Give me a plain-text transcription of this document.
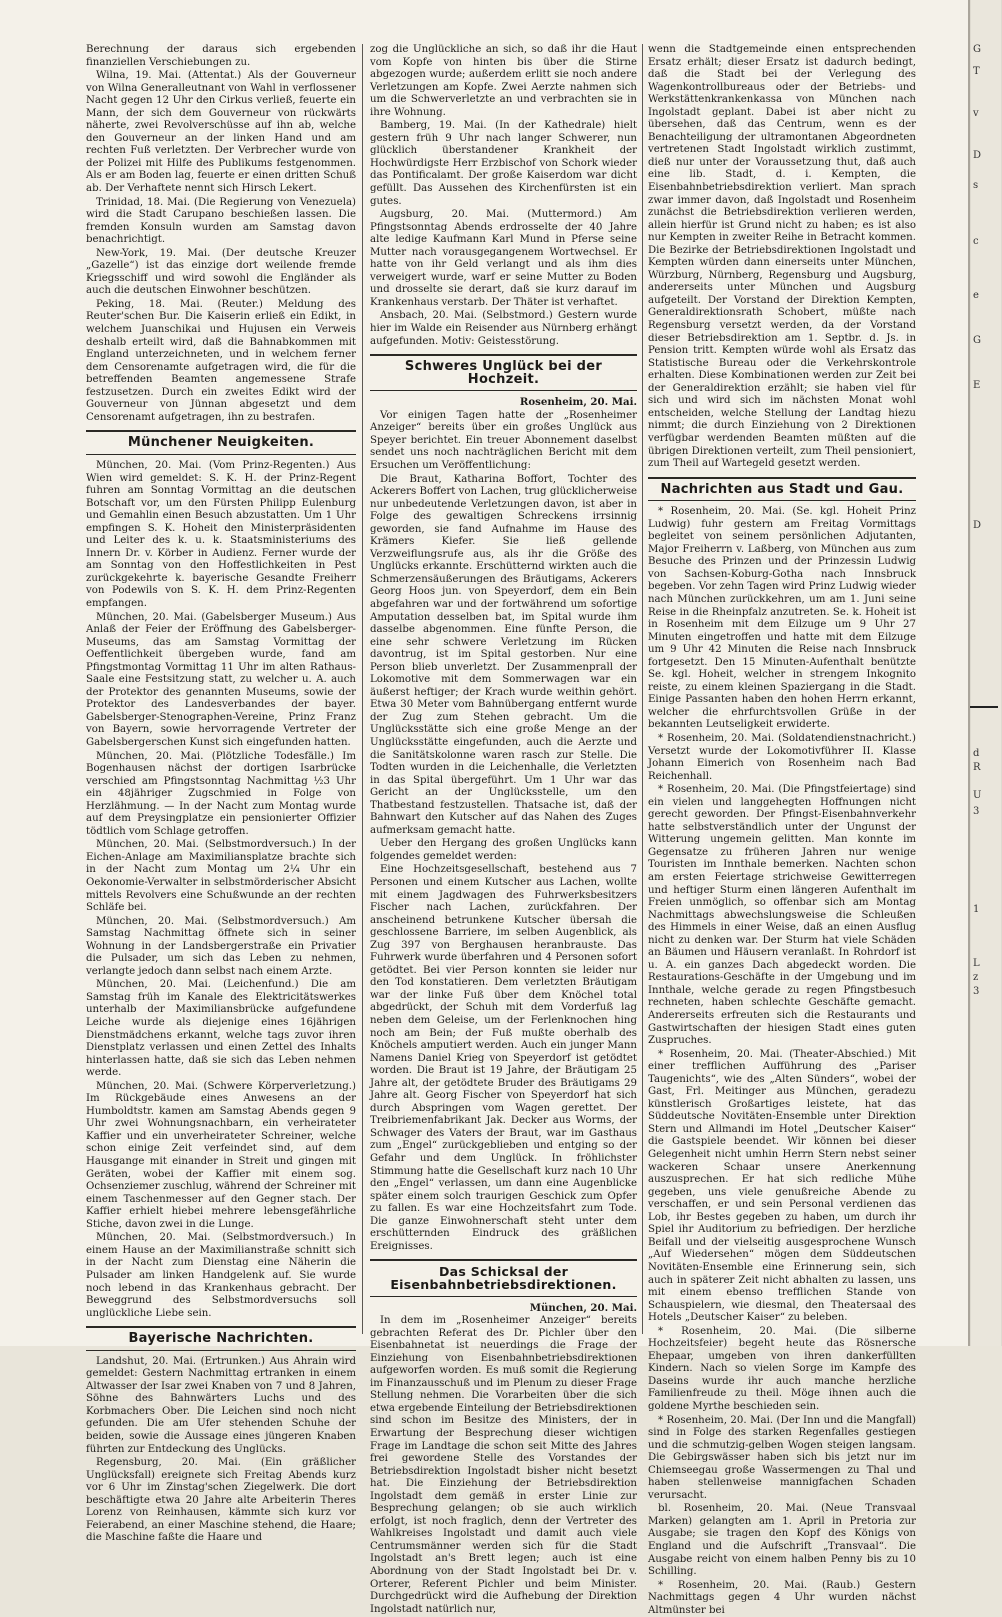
Berechnung der daraus sich ergebenden finanziellen Verschiebungen zu.

Wilna, 19. Mai. (Attentat.) Als der Gouverneur von Wilna Generalleutnant von Wahl in verflossener Nacht gegen 12 Uhr den Cirkus verließ, feuerte ein Mann, der sich dem Gouverneur von rückwärts näherte, zwei Revolverschüsse auf ihn ab, welche den Gouverneur an der linken Hand und am rechten Fuß verletzten. Der Verbrecher wurde von der Polizei mit Hilfe des Publikums festgenommen. Als er am Boden lag, feuerte er einen dritten Schuß ab. Der Verhaftete nennt sich Hirsch Lekert.

Trinidad, 18. Mai. (Die Regierung von Venezuela) wird die Stadt Carupano beschießen lassen. Die fremden Konsuln wurden am Samstag davon benachrichtigt.

New-York, 19. Mai. (Der deutsche Kreuzer „Gazelle“) ist das einzige dort weilende fremde Kriegsschiff und wird sowohl die Engländer als auch die deutschen Einwohner beschützen.

Peking, 18. Mai. (Reuter.) Meldung des Reuter'schen Bur. Die Kaiserin erließ ein Edikt, in welchem Juanschikai und Hujusen ein Verweis deshalb erteilt wird, daß die Bahnabkommen mit England unterzeichneten, und in welchem ferner dem Censorenamte aufgetragen wird, die für die betreffenden Beamten angemessene Strafe festzusetzen. Durch ein zweites Edikt wird der Gouverneur von Jünnan abgesetzt und dem Censorenamt aufgetragen, ihn zu bestrafen.

Münchener Neuigkeiten.

München, 20. Mai. (Vom Prinz-Regenten.) Aus Wien wird gemeldet: S. K. H. der Prinz-Regent fuhren am Sonntag Vormittag an die deutschen Botschaft vor, um den Fürsten Philipp Eulenburg und Gemahlin einen Besuch abzustatten. Um 1 Uhr empfingen S. K. Hoheit den Ministerpräsidenten und Leiter des k. u. k. Staatsministeriums des Innern Dr. v. Körber in Audienz. Ferner wurde der am Sonntag von den Hoffestlichkeiten in Pest zurückgekehrte k. bayerische Gesandte Freiherr von Podewils von S. K. H. dem Prinz-Regenten empfangen.

München, 20. Mai. (Gabelsberger Museum.) Aus Anlaß der Feier der Eröffnung des Gabelsberger-Museums, das am Samstag Vormittag der Oeffentlichkeit übergeben wurde, fand am Pfingstmontag Vormittag 11 Uhr im alten Rathaus-Saale eine Festsitzung statt, zu welcher u. A. auch der Protektor des genannten Museums, sowie der Protektor des Landesverbandes der bayer. Gabelsberger-Stenographen-Vereine, Prinz Franz von Bayern, sowie hervorragende Vertreter der Gabelsbergerschen Kunst sich eingefunden hatten.

München, 20. Mai. (Plötzliche Todesfälle.) Im Bogenhausen nächst der dortigen Isarbrücke verschied am Pfingstsonntag Nachmittag ½3 Uhr ein 48jähriger Zugschmied in Folge von Herzlähmung. — In der Nacht zum Montag wurde auf dem Preysingplatze ein pensionierter Offizier tödtlich vom Schlage getroffen.

München, 20. Mai. (Selbstmordversuch.) In der Eichen-Anlage am Maximiliansplatze brachte sich in der Nacht zum Montag um 2¼ Uhr ein Oekonomie-Verwalter in selbstmörderischer Absicht mittels Revolvers eine Schußwunde an der rechten Schläfe bei.

München, 20. Mai. (Selbstmordversuch.) Am Samstag Nachmittag öffnete sich in seiner Wohnung in der Landsbergerstraße ein Privatier die Pulsader, um sich das Leben zu nehmen, verlangte jedoch dann selbst nach einem Arzte.

München, 20. Mai. (Leichenfund.) Die am Samstag früh im Kanale des Elektricitätswerkes unterhalb der Maximiliansbrücke aufgefundene Leiche wurde als diejenige eines 16jährigen Dienstmädchens erkannt, welche tags zuvor ihren Dienstplatz verlassen und einen Zettel des Inhalts hinterlassen hatte, daß sie sich das Leben nehmen werde.

München, 20. Mai. (Schwere Körperverletzung.) Im Rückgebäude eines Anwesens an der Humboldtstr. kamen am Samstag Abends gegen 9 Uhr zwei Wohnungsnachbarn, ein verheirateter Kaffier und ein unverheirateter Schreiner, welche schon einige Zeit verfeindet sind, auf dem Hausgange mit einander in Streit und gingen mit Geräten, wobei der Kaffier mit einem sog. Ochsenziemer zuschlug, während der Schreiner mit einem Taschenmesser auf den Gegner stach. Der Kaffier erhielt hiebei mehrere lebensgefährliche Stiche, davon zwei in die Lunge.

München, 20. Mai. (Selbstmordversuch.) In einem Hause an der Maximilianstraße schnitt sich in der Nacht zum Dienstag eine Näherin die Pulsader am linken Handgelenk auf. Sie wurde noch lebend in das Krankenhaus gebracht. Der Beweggrund des Selbstmordversuchs soll unglückliche Liebe sein.

Bayerische Nachrichten.

Landshut, 20. Mai. (Ertrunken.) Aus Ahrain wird gemeldet: Gestern Nachmittag ertranken in einem Altwasser der Isar zwei Knaben von 7 und 8 Jahren, Söhne des Bahnwärters Luchs und des Korbmachers Ober. Die Leichen sind noch nicht gefunden. Die am Ufer stehenden Schuhe der beiden, sowie die Aussage eines jüngeren Knaben führten zur Entdeckung des Unglücks.

Regensburg, 20. Mai. (Ein gräßlicher Unglücksfall) ereignete sich Freitag Abends kurz vor 6 Uhr im Zinstag'schen Ziegelwerk. Die dort beschäftigte etwa 20 Jahre alte Arbeiterin Theres Lorenz von Reinhausen, kämmte sich kurz vor Feierabend, an einer Maschine stehend, die Haare; die Maschine faßte die Haare und

zog die Unglückliche an sich, so daß ihr die Haut vom Kopfe von hinten bis über die Stirne abgezogen wurde; außerdem erlitt sie noch andere Verletzungen am Kopfe. Zwei Aerzte nahmen sich um die Schwerverletzte an und verbrachten sie in ihre Wohnung.

Bamberg, 19. Mai. (In der Kathedrale) hielt gestern früh 9 Uhr nach langer Schwerer, nun glücklich überstandener Krankheit der Hochwürdigste Herr Erzbischof von Schork wieder das Pontificalamt. Der große Kaiserdom war dicht gefüllt. Das Aussehen des Kirchenfürsten ist ein gutes.

Augsburg, 20. Mai. (Muttermord.) Am Pfingstsonntag Abends erdrosselte der 40 Jahre alte ledige Kaufmann Karl Mund in Pferse seine Mutter nach vorausgegangenem Wortwechsel. Er hatte von ihr Geld verlangt und als ihm dies verweigert wurde, warf er seine Mutter zu Boden und drosselte sie derart, daß sie kurz darauf im Krankenhaus verstarb. Der Thäter ist verhaftet.

Ansbach, 20. Mai. (Selbstmord.) Gestern wurde hier im Walde ein Reisender aus Nürnberg erhängt aufgefunden. Motiv: Geistesstörung.

Schweres Unglück bei der Hochzeit.

Rosenheim, 20. Mai.

Vor einigen Tagen hatte der „Rosenheimer Anzeiger“ bereits über ein großes Unglück aus Speyer berichtet. Ein treuer Abonnement daselbst sendet uns noch nachträglichen Bericht mit dem Ersuchen um Veröffentlichung:

Die Braut, Katharina Boffort, Tochter des Ackerers Boffert von Lachen, trug glücklicherweise nur unbedeutende Verletzungen davon, ist aber in Folge des gewaltigen Schreckens irrsinnig geworden, sie fand Aufnahme im Hause des Krämers Kiefer. Sie ließ gellende Verzweiflungsrufe aus, als ihr die Größe des Unglücks erkannte. Erschütternd wirkten auch die Schmerzensäußerungen des Bräutigams, Ackerers Georg Hoos jun. von Speyerdorf, dem ein Bein abgefahren war und der fortwährend um sofortige Amputation desselben bat, im Spital wurde ihm dasselbe abgenommen. Eine fünfte Person, die eine sehr schwere Verletzung im Rücken davontrug, ist im Spital gestorben. Nur eine Person blieb unverletzt. Der Zusammenprall der Lokomotive mit dem Sommerwagen war ein äußerst heftiger; der Krach wurde weithin gehört. Etwa 30 Meter vom Bahnübergang entfernt wurde der Zug zum Stehen gebracht. Um die Unglücksstätte sich eine große Menge an der Unglücksstätte eingefunden, auch die Aerzte und die Sanitätskolonne waren rasch zur Stelle. Die Todten wurden in die Leichenhalle, die Verletzten in das Spital übergeführt. Um 1 Uhr war das Gericht an der Unglücksstelle, um den Thatbestand festzustellen. Thatsache ist, daß der Bahnwart den Kutscher auf das Nahen des Zuges aufmerksam gemacht hatte.

Ueber den Hergang des großen Unglücks kann folgendes gemeldet werden:

Eine Hochzeitsgesellschaft, bestehend aus 7 Personen und einem Kutscher aus Lachen, wollte mit einem Jagdwagen des Fuhrwerksbesitzers Fischer nach Lachen, zurückfahren. Der anscheinend betrunkene Kutscher übersah die geschlossene Barriere, im selben Augenblick, als Zug 397 von Berghausen heranbrauste. Das Fuhrwerk wurde überfahren und 4 Personen sofort getödtet. Bei vier Person konnten sie leider nur den Tod konstatieren. Dem verletzten Bräutigam war der linke Fuß über dem Knöchel total abgedrückt, der Schuh mit dem Vorderfuß lag neben dem Geleise, um der Ferlenknochen hing noch am Bein; der Fuß mußte oberhalb des Knöchels amputiert werden. Auch ein junger Mann Namens Daniel Krieg von Speyerdorf ist getödtet worden. Die Braut ist 19 Jahre, der Bräutigam 25 Jahre alt, der getödtete Bruder des Bräutigams 29 Jahre alt. Georg Fischer von Speyerdorf hat sich durch Abspringen vom Wagen gerettet. Der Treibriemenfabrikant Jak. Decker aus Worms, der Schwager des Vaters der Braut, war im Gasthaus zum „Engel“ zurückgeblieben und entging so der Gefahr und dem Unglück. In fröhlichster Stimmung hatte die Gesellschaft kurz nach 10 Uhr den „Engel“ verlassen, um dann eine Augenblicke später einem solch traurigen Geschick zum Opfer zu fallen. Es war eine Hochzeitsfahrt zum Tode. Die ganze Einwohnerschaft steht unter dem erschütternden Eindruck des gräßlichen Ereignisses.

Das Schicksal der Eisenbahnbetriebsdirektionen.

München, 20. Mai.

In dem im „Rosenheimer Anzeiger“ bereits gebrachten Referat des Dr. Pichler über den Eisenbahnetat ist neuerdings die Frage der Einziehung von Eisenbahnbetriebsdirektionen aufgeworfen worden. Es muß somit die Regierung im Finanzausschuß und im Plenum zu dieser Frage Stellung nehmen. Die Vorarbeiten über die sich etwa ergebende Einteilung der Betriebsdirektionen sind schon im Besitze des Ministers, der in Erwartung der Besprechung dieser wichtigen Frage im Landtage die schon seit Mitte des Jahres frei gewordene Stelle des Vorstandes der Betriebsdirektion Ingolstadt bisher nicht besetzt hat. Die Einziehung der Betriebsdirektion Ingolstadt dem gemäß in erster Linie zur Besprechung gelangen; ob sie auch wirklich erfolgt, ist noch fraglich, denn der Vertreter des Wahlkreises Ingolstadt und damit auch viele Centrumsmänner werden sich für die Stadt Ingolstadt an's Brett legen; auch ist eine Abordnung von der Stadt Ingolstadt bei Dr. v. Orterer, Referent Pichler und beim Minister. Durchgedrückt wird die Aufhebung der Direktion Ingolstadt natürlich nur,

wenn die Stadtgemeinde einen entsprechenden Ersatz erhält; dieser Ersatz ist dadurch bedingt, daß die Stadt bei der Verlegung des Wagenkontrollbureaus oder der Betriebs- und Werkstättenkrankenkassa von München nach Ingolstadt geplant. Dabei ist aber nicht zu übersehen, daß das Centrum, wenn es der Benachteiligung der ultramontanen Abgeordneten vertretenen Stadt Ingolstadt wirklich zustimmt, dieß nur unter der Voraussetzung thut, daß auch eine lib. Stadt, d. i. Kempten, die Eisenbahnbetriebsdirektion verliert. Man sprach zwar immer davon, daß Ingolstadt und Rosenheim zunächst die Betriebsdirektion verlieren werden, allein hierfür ist Grund nicht zu haben; es ist also nur Kempten in zweiter Reihe in Betracht kommen. Die Bezirke der Betriebsdirektionen Ingolstadt und Kempten würden dann einerseits unter München, Würzburg, Nürnberg, Regensburg und Augsburg, andererseits unter München und Augsburg aufgeteilt. Der Vorstand der Direktion Kempten, Generaldirektionsrath Schobert, müßte nach Regensburg versetzt werden, da der Vorstand dieser Betriebsdirektion am 1. Septbr. d. Js. in Pension tritt. Kempten würde wohl als Ersatz das Statistische Bureau oder die Verkehrskontrole erhalten. Diese Kombinationen werden zur Zeit bei der Generaldirektion erzählt; sie haben viel für sich und wird sich im nächsten Monat wohl entscheiden, welche Stellung der Landtag hiezu nimmt; die durch Einziehung von 2 Direktionen verfügbar werdenden Beamten müßten auf die übrigen Direktionen verteilt, zum Theil pensioniert, zum Theil auf Wartegeld gesetzt werden.

Nachrichten aus Stadt und Gau.

* Rosenheim, 20. Mai. (Se. kgl. Hoheit Prinz Ludwig) fuhr gestern am Freitag Vormittags begleitet von seinem persönlichen Adjutanten, Major Freiherrn v. Laßberg, von München aus zum Besuche des Prinzen und der Prinzessin Ludwig von Sachsen-Koburg-Gotha nach Innsbruck begeben. Vor zehn Tagen wird Prinz Ludwig wieder nach München zurückkehren, um am 1. Juni seine Reise in die Rheinpfalz anzutreten. Se. k. Hoheit ist in Rosenheim mit dem Eilzuge um 9 Uhr 27 Minuten eingetroffen und hatte mit dem Eilzuge um 9 Uhr 42 Minuten die Reise nach Innsbruck fortgesetzt. Den 15 Minuten-Aufenthalt benützte Se. kgl. Hoheit, welcher in strengem Inkognito reiste, zu einem kleinen Spaziergang in die Stadt. Einige Passanten haben den hohen Herrn erkannt, welcher die ehrfurchtsvollen Grüße in der bekannten Leutseligkeit erwiderte.

* Rosenheim, 20. Mai. (Soldatendienstnachricht.) Versetzt wurde der Lokomotivführer II. Klasse Johann Eimerich von Rosenheim nach Bad Reichenhall.

* Rosenheim, 20. Mai. (Die Pfingstfeiertage) sind ein vielen und langgehegten Hoffnungen nicht gerecht geworden. Der Pfingst-Eisenbahnverkehr hatte selbstverständlich unter der Ungunst der Witterung ungemein gelitten. Man konnte im Gegensatze zu früheren Jahren nur wenige Touristen im Innthale bemerken. Nachten schon am ersten Feiertage strichweise Gewitterregen und heftiger Sturm einen längeren Aufenthalt im Freien unmöglich, so offenbar sich am Montag Nachmittags abwechslungsweise die Schleußen des Himmels in einer Weise, daß an einen Ausflug nicht zu denken war. Der Sturm hat viele Schäden an Bäumen und Häusern veranlaßt. In Rohrdorf ist u. A. ein ganzes Dach abgedeckt worden. Die Restaurations-Geschäfte in der Umgebung und im Innthale, welche gerade zu regen Pfingstbesuch rechneten, haben schlechte Geschäfte gemacht. Andererseits erfreuten sich die Restaurants und Gastwirtschaften der hiesigen Stadt eines guten Zuspruches.

* Rosenheim, 20. Mai. (Theater-Abschied.) Mit einer trefflichen Aufführung des „Pariser Taugenichts“, wie des „Alten Sünders“, wobei der Gast, Frl. Meitinger aus München, geradezu künstlerisch Großartiges leistete, hat das Süddeutsche Novitäten-Ensemble unter Direktion Stern und Allmandi im Hotel „Deutscher Kaiser“ die Gastspiele beendet. Wir können bei dieser Gelegenheit nicht umhin Herrn Stern nebst seiner wackeren Schaar unsere Anerkennung auszusprechen. Er hat sich redliche Mühe gegeben, uns viele genußreiche Abende zu verschaffen, er und sein Personal verdienen das Lob, ihr Bestes gegeben zu haben, um durch ihr Spiel ihr Auditorium zu befriedigen. Der herzliche Beifall und der vielseitig ausgesprochene Wunsch „Auf Wiedersehen“ mögen dem Süddeutschen Novitäten-Ensemble eine Erinnerung sein, sich auch in späterer Zeit nicht abhalten zu lassen, uns mit einem ebenso trefflichen Stande von Schauspielern, wie diesmal, den Theatersaal des Hotels „Deutscher Kaiser“ zu beleben.

* Rosenheim, 20. Mai. (Die silberne Hochzeitsfeier) begeht heute das Rösnersche Ehepaar, umgeben von ihren dankerfüllten Kindern. Nach so vielen Sorge im Kampfe des Daseins wurde ihr auch manche herzliche Familienfreude zu theil. Möge ihnen auch die goldene Myrthe beschieden sein.

* Rosenheim, 20. Mai. (Der Inn und die Mangfall) sind in Folge des starken Regenfalles gestiegen und die schmutzig-gelben Wogen steigen langsam. Die Gebirgswässer haben sich bis jetzt nur im Chiemseegau große Wassermengen zu Thal und haben stellenweise mannigfachen Schaden verursacht.

bl. Rosenheim, 20. Mai. (Neue Transvaal Marken) gelangten am 1. April in Pretoria zur Ausgabe; sie tragen den Kopf des Königs von England und die Aufschrift „Transvaal“. Die Ausgabe reicht von einem halben Penny bis zu 10 Schilling.

* Rosenheim, 20. Mai. (Raub.) Gestern Nachmittags gegen 4 Uhr wurden nächst Altmünster bei

G
T
v
D
s
c
e
G
E
D
d
R
U
3
1
L
z
3
